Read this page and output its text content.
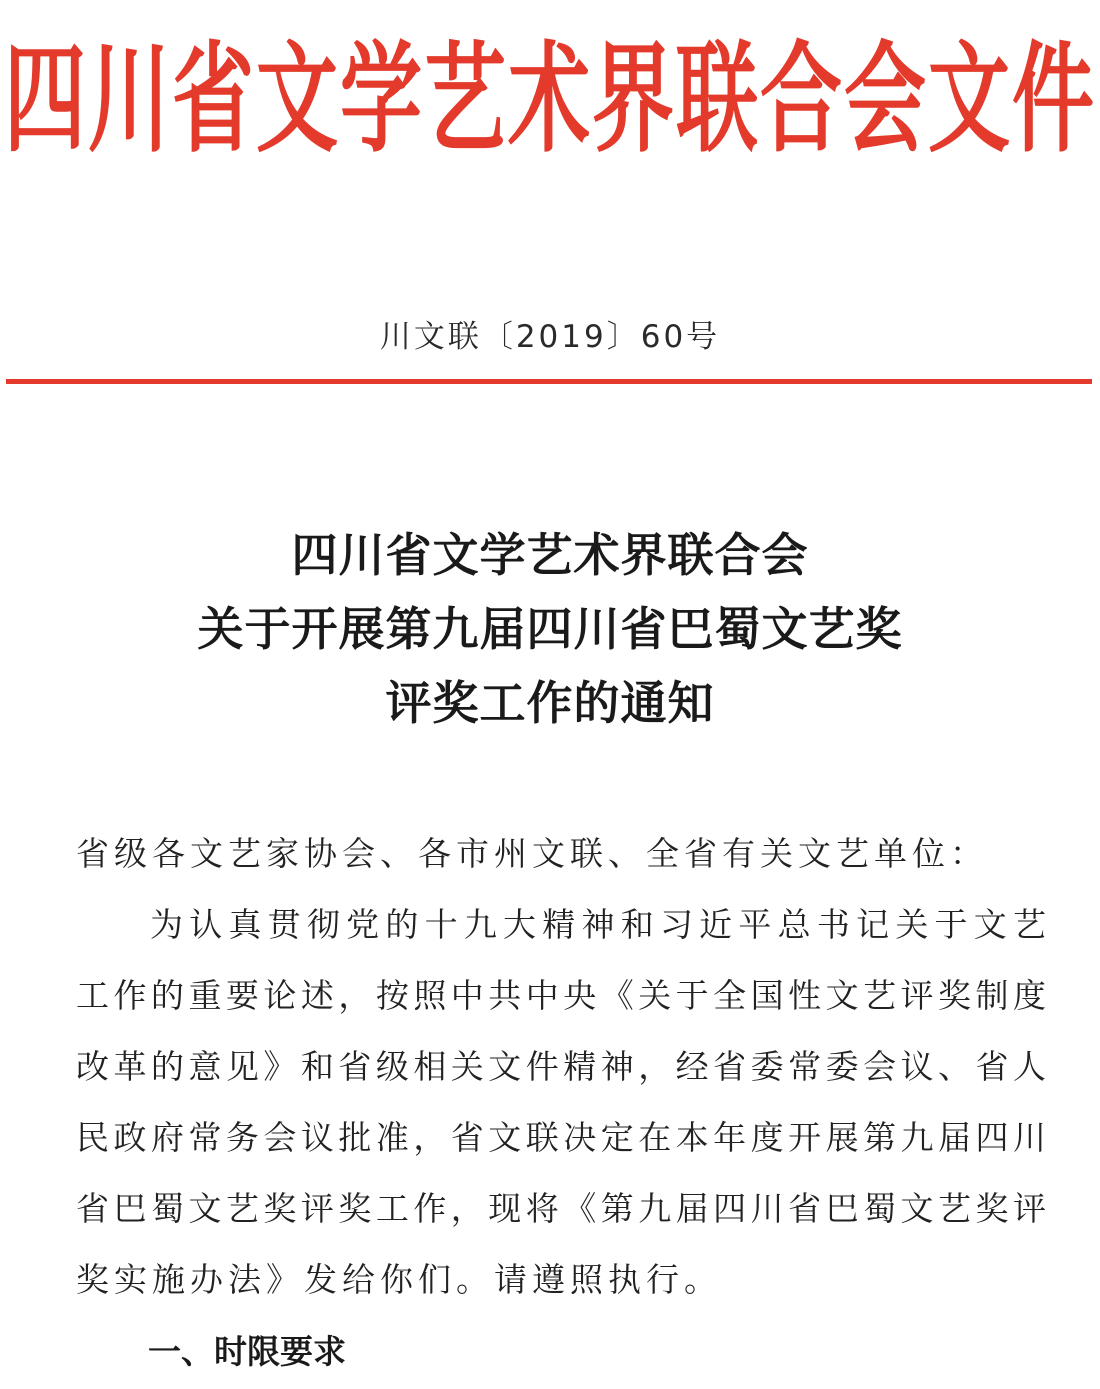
四川省文学艺术界联合会文件
川文联〔2019〕60号
四川省文学艺术界联合会
关于开展第九届四川省巴蜀文艺奖
评奖工作的通知
省级各文艺家协会、各市州文联、全省有关文艺单位：
为认真贯彻党的十九大精神和习近平总书记关于文艺
工作的重要论述，按照中共中央《关于全国性文艺评奖制度
改革的意见》和省级相关文件精神，经省委常委会议、省人
民政府常务会议批准，省文联决定在本年度开展第九届四川
省巴蜀文艺奖评奖工作，现将《第九届四川省巴蜀文艺奖评
奖实施办法》发给你们。请遵照执行。
一、时限要求
